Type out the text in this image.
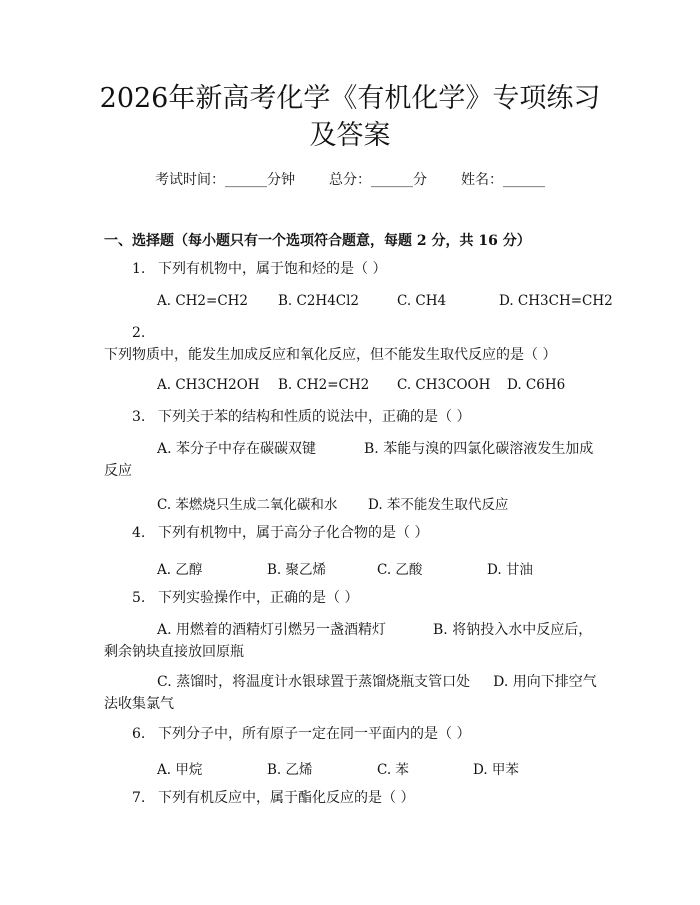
2026年新高考化学《有机化学》专项练习及答案
考试时间：______分钟 总分：______分 姓名：______
一、选择题（每小题只有一个选项符合题意，每题 2 分，共 16 分）
1. 下列有机物中，属于饱和烃的是（ ）
A. CH2=CH2 B. C2H4Cl2	C. CH4	D. CH3CH=CH2
2.下列物质中，能发生加成反应和氧化反应，但不能发生取代反应的是（ ）
A. CH3CH2OH B. CH2=CH2 C. CH3COOH D. C6H6
3. 下列关于苯的结构和性质的说法中，正确的是（ ）
A. 苯分子中存在碳碳双键	B. 苯能与溴的四氯化碳溶液发生加成反应
C. 苯燃烧只生成二氧化碳和水 D. 苯不能发生取代反应
4. 下列有机物中，属于高分子化合物的是（ ）
A. 乙醇	B. 聚乙烯	C. 乙酸	D. 甘油
5. 下列实验操作中，正确的是（ ）
A. 用燃着的酒精灯引燃另一盏酒精灯	B. 将钠投入水中反应后，剩余钠块直接放回原瓶
C. 蒸馏时，将温度计水银球置于蒸馏烧瓶支管口处 D. 用向下排空气法收集氯气
6. 下列分子中，所有原子一定在同一平面内的是（ ）
A. 甲烷	B. 乙烯	C. 苯	D. 甲苯
7. 下列有机反应中，属于酯化反应的是（ ）
